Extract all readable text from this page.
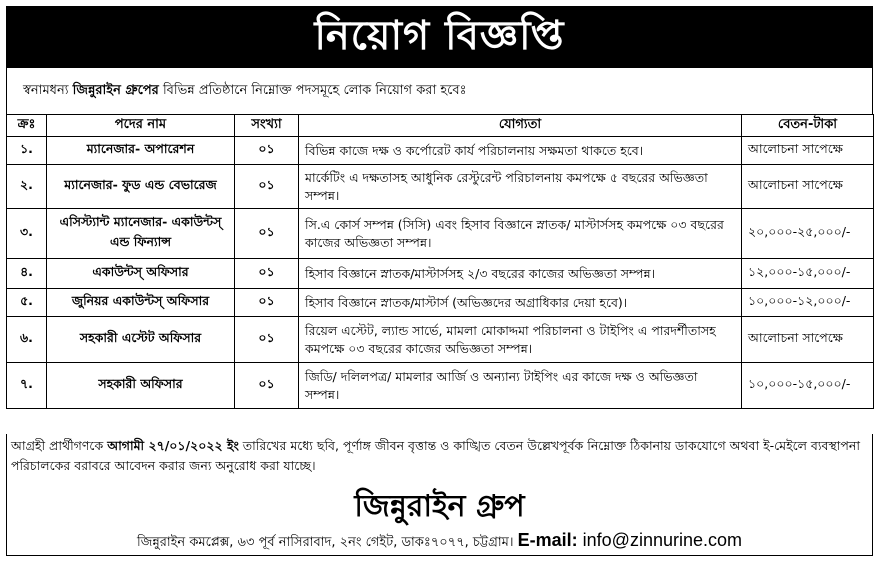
নিয়োগ বিজ্ঞপ্তি
স্বনামধন্য জিন্নুরাইন গ্রুপের বিভিন্ন প্রতিষ্ঠানে নিম্নোক্ত পদসমূহে লোক নিয়োগ করা হবেঃ
ক্রঃ	পদের নাম	সংখ্যা	যোগ্যতা	বেতন-টাকা
১.	ম্যানেজার- অপারেশন	০১	বিভিন্ন কাজে দক্ষ ও কর্পোরেট কার্য পরিচালনায় সক্ষমতা থাকতে হবে।	আলোচনা সাপেক্ষে
২.	ম্যানেজার- ফুড এন্ড বেভারেজ	০১	মার্কেটিং এ দক্ষতাসহ আধুনিক রেস্টুরেন্ট পরিচালনায় কমপক্ষে ৫ বছরের অভিজ্ঞতা সম্পন্ন।	আলোচনা সাপেক্ষে
৩.	এসিস্ট্যান্ট ম্যানেজার- একাউন্টস্ এন্ড ফিন্যান্স	০১	সি.এ কোর্স সম্পন্ন (সিসি) এবং হিসাব বিজ্ঞানে স্নাতক/ মাস্টার্সসহ কমপক্ষে ০৩ বছরের কাজের অভিজ্ঞতা সম্পন্ন।	২০,০০০-২৫,০০০/-
৪.	একাউন্টস্ অফিসার	০১	হিসাব বিজ্ঞানে স্নাতক/মাস্টার্সসহ ২/৩ বছরের কাজের অভিজ্ঞতা সম্পন্ন।	১২,০০০-১৫,০০০/-
৫.	জুনিয়র একাউন্টস্ অফিসার	০১	হিসাব বিজ্ঞানে স্নাতক/মাস্টার্স (অভিজ্ঞদের অগ্রাধিকার দেয়া হবে)।	১০,০০০-১২,০০০/-
৬.	সহকারী এস্টেট অফিসার	০১	রিয়েল এস্টেট, ল্যান্ড সার্ভে, মামলা মোকাদ্দমা পরিচালনা ও টাইপিং এ পারদর্শীতাসহ কমপক্ষে ০৩ বছরের কাজের অভিজ্ঞতা সম্পন্ন।	আলোচনা সাপেক্ষে
৭.	সহকারী অফিসার	০১	জিডি/ দলিলপত্র/ মামলার আর্জি ও অন্যান্য টাইপিং এর কাজে দক্ষ ও অভিজ্ঞতা সম্পন্ন।	১০,০০০-১৫,০০০/-
আগ্রহী প্রার্থীগণকে আগামী ২৭/০১/২০২২ ইং তারিখের মধ্যে ছবি, পূর্ণাঙ্গ জীবন বৃত্তান্ত ও কাঙ্খিত বেতন উল্লেখপূর্বক নিম্নোক্ত ঠিকানায় ডাকযোগে অথবা ই-মেইলে ব্যবস্থাপনা পরিচালকের বরাবরে আবেদন করার জন্য অনুরোধ করা যাচ্ছে।
জিন্নুরাইন গ্রুপ
জিন্নুরাইন কমপ্লেক্স, ৬৩ পূর্ব নাসিরাবাদ, ২নং গেইট, ডাকঃ৭০৭৭, চট্টগ্রাম। E-mail: info@zinnurine.com
